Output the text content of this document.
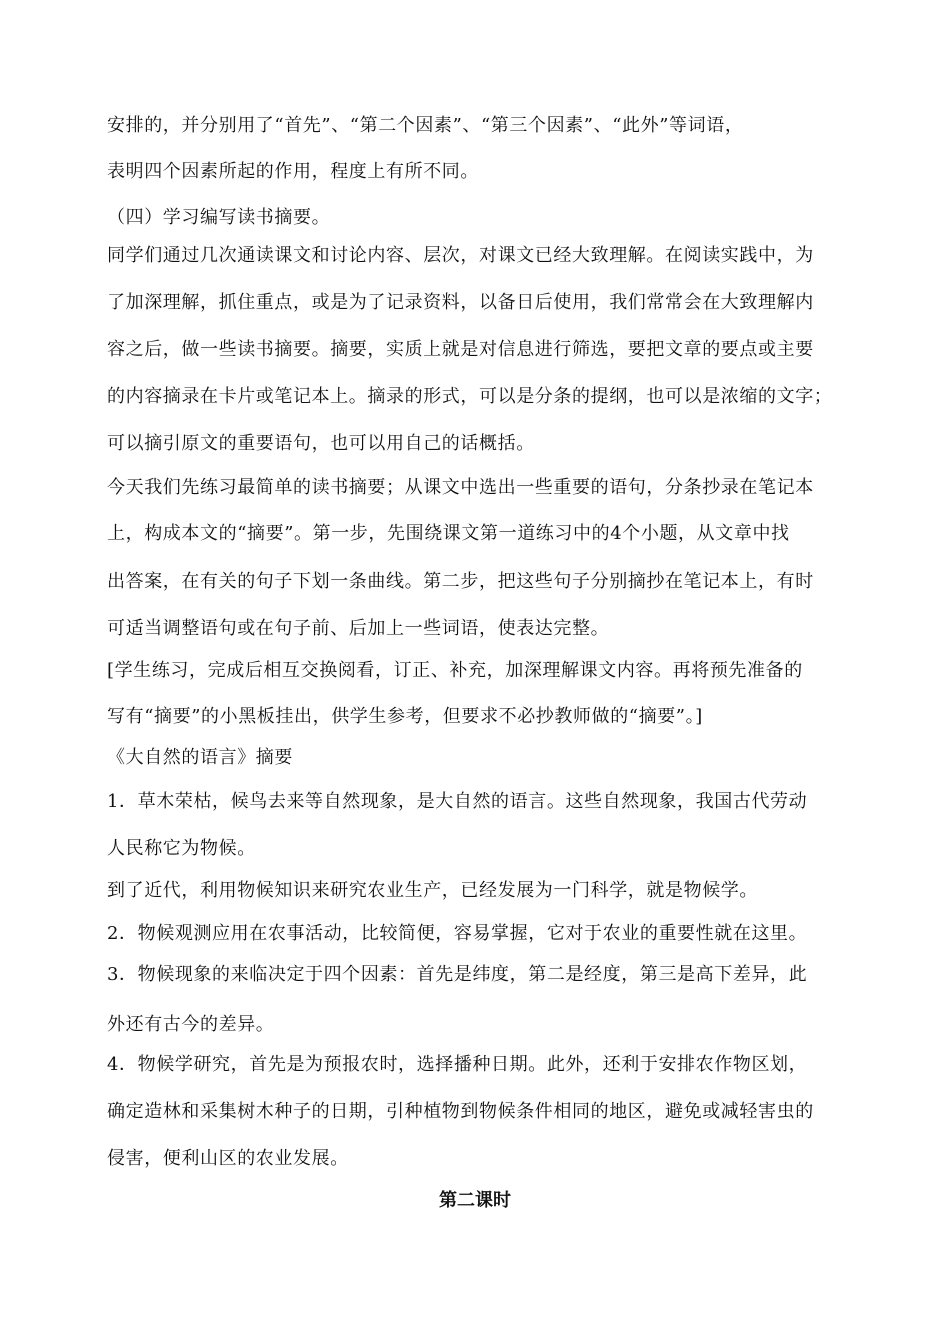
安排的，并分别用了“首先”、“第二个因素”、“第三个因素”、“此外”等词语，
表明四个因素所起的作用，程度上有所不同。
（四）学习编写读书摘要。
同学们通过几次通读课文和讨论内容、层次，对课文已经大致理解。在阅读实践中，为
了加深理解，抓住重点，或是为了记录资料，以备日后使用，我们常常会在大致理解内
容之后，做一些读书摘要。摘要，实质上就是对信息进行筛选，要把文章的要点或主要
的内容摘录在卡片或笔记本上。摘录的形式，可以是分条的提纲，也可以是浓缩的文字；
可以摘引原文的重要语句，也可以用自己的话概括。
今天我们先练习最简单的读书摘要；从课文中选出一些重要的语句，分条抄录在笔记本
上，构成本文的“摘要”。第一步，先围绕课文第一道练习中的4个小题，从文章中找
出答案，在有关的句子下划一条曲线。第二步，把这些句子分别摘抄在笔记本上，有时
可适当调整语句或在句子前、后加上一些词语，使表达完整。
[学生练习，完成后相互交换阅看，订正、补充，加深理解课文内容。再将预先准备的
写有“摘要”的小黑板挂出，供学生参考，但要求不必抄教师做的“摘要”。]
《大自然的语言》摘要
1．草木荣枯，候鸟去来等自然现象，是大自然的语言。这些自然现象，我国古代劳动
人民称它为物候。
到了近代，利用物候知识来研究农业生产，已经发展为一门科学，就是物候学。
2．物候观测应用在农事活动，比较简便，容易掌握，它对于农业的重要性就在这里。
3．物候现象的来临决定于四个因素：首先是纬度，第二是经度，第三是高下差异，此
外还有古今的差异。
4．物候学研究，首先是为预报农时，选择播种日期。此外，还利于安排农作物区划，
确定造林和采集树木种子的日期，引种植物到物候条件相同的地区，避免或减轻害虫的
侵害，便利山区的农业发展。
第二课时
